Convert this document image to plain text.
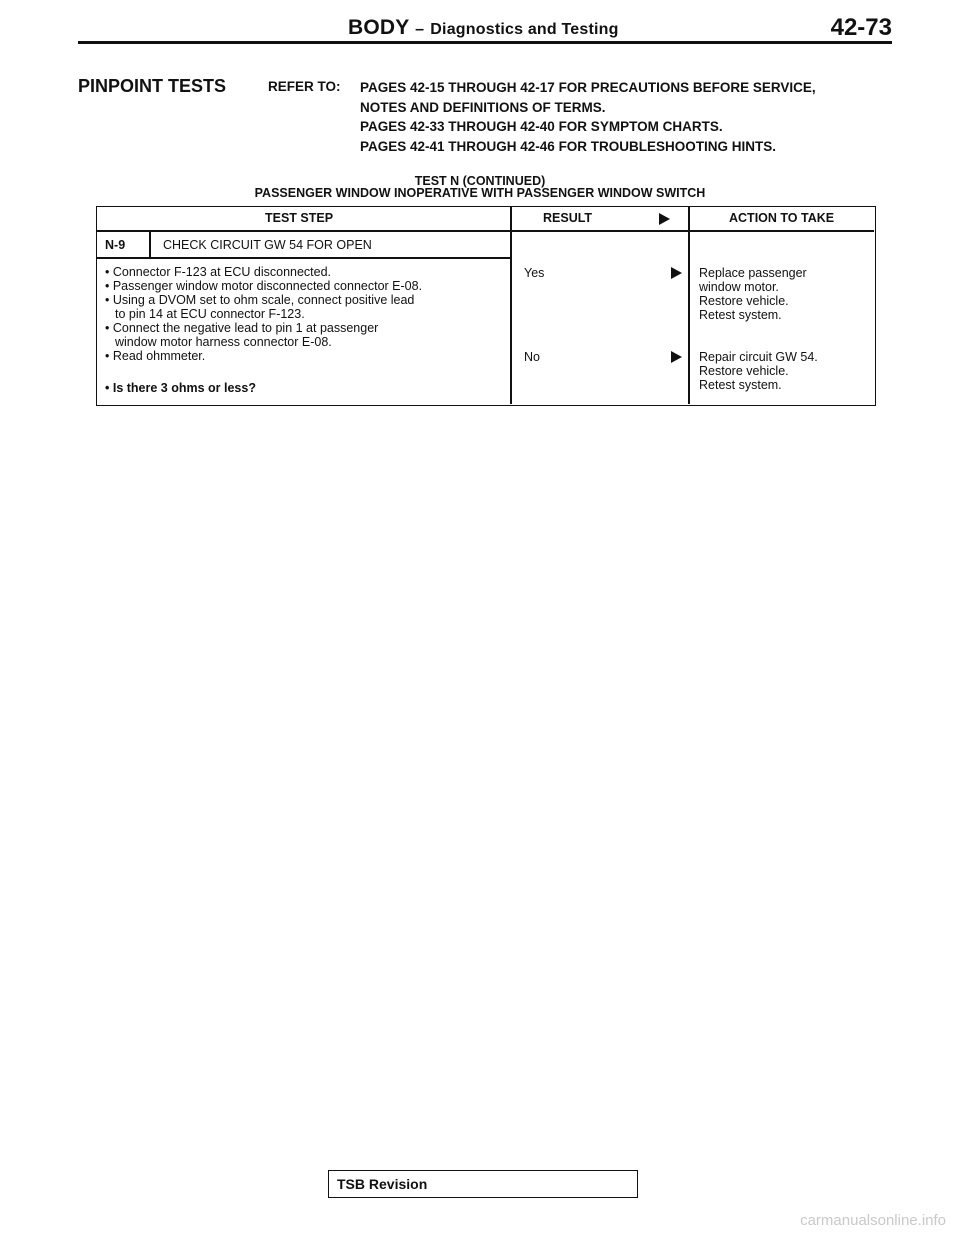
BODY – Diagnostics and Testing	42-73
PINPOINT TESTS	REFER TO: PAGES 42-15 THROUGH 42-17 FOR PRECAUTIONS BEFORE SERVICE,
NOTES AND DEFINITIONS OF TERMS.
PAGES 42-33 THROUGH 42-40 FOR SYMPTOM CHARTS.
PAGES 42-41 THROUGH 42-46 FOR TROUBLESHOOTING HINTS.
TEST N (CONTINUED)
PASSENGER WINDOW INOPERATIVE WITH PASSENGER WINDOW SWITCH
TEST STEP	RESULT	ACTION TO TAKE
N-9	CHECK CIRCUIT GW 54 FOR OPEN
• Connector F-123 at ECU disconnected.
• Passenger window motor disconnected connector E-08.
• Using a DVOM set to ohm scale, connect positive lead
to pin 14 at ECU connector F-123.
• Connect the negative lead to pin 1 at passenger
window motor harness connector E-08.
• Read ohmmeter.
• Is there 3 ohms or less?
Yes	Replace passenger
window motor.
Restore vehicle.
Retest system.
No	Repair circuit GW 54.
Restore vehicle.
Retest system.
TSB Revision
carmanualsonline.info
